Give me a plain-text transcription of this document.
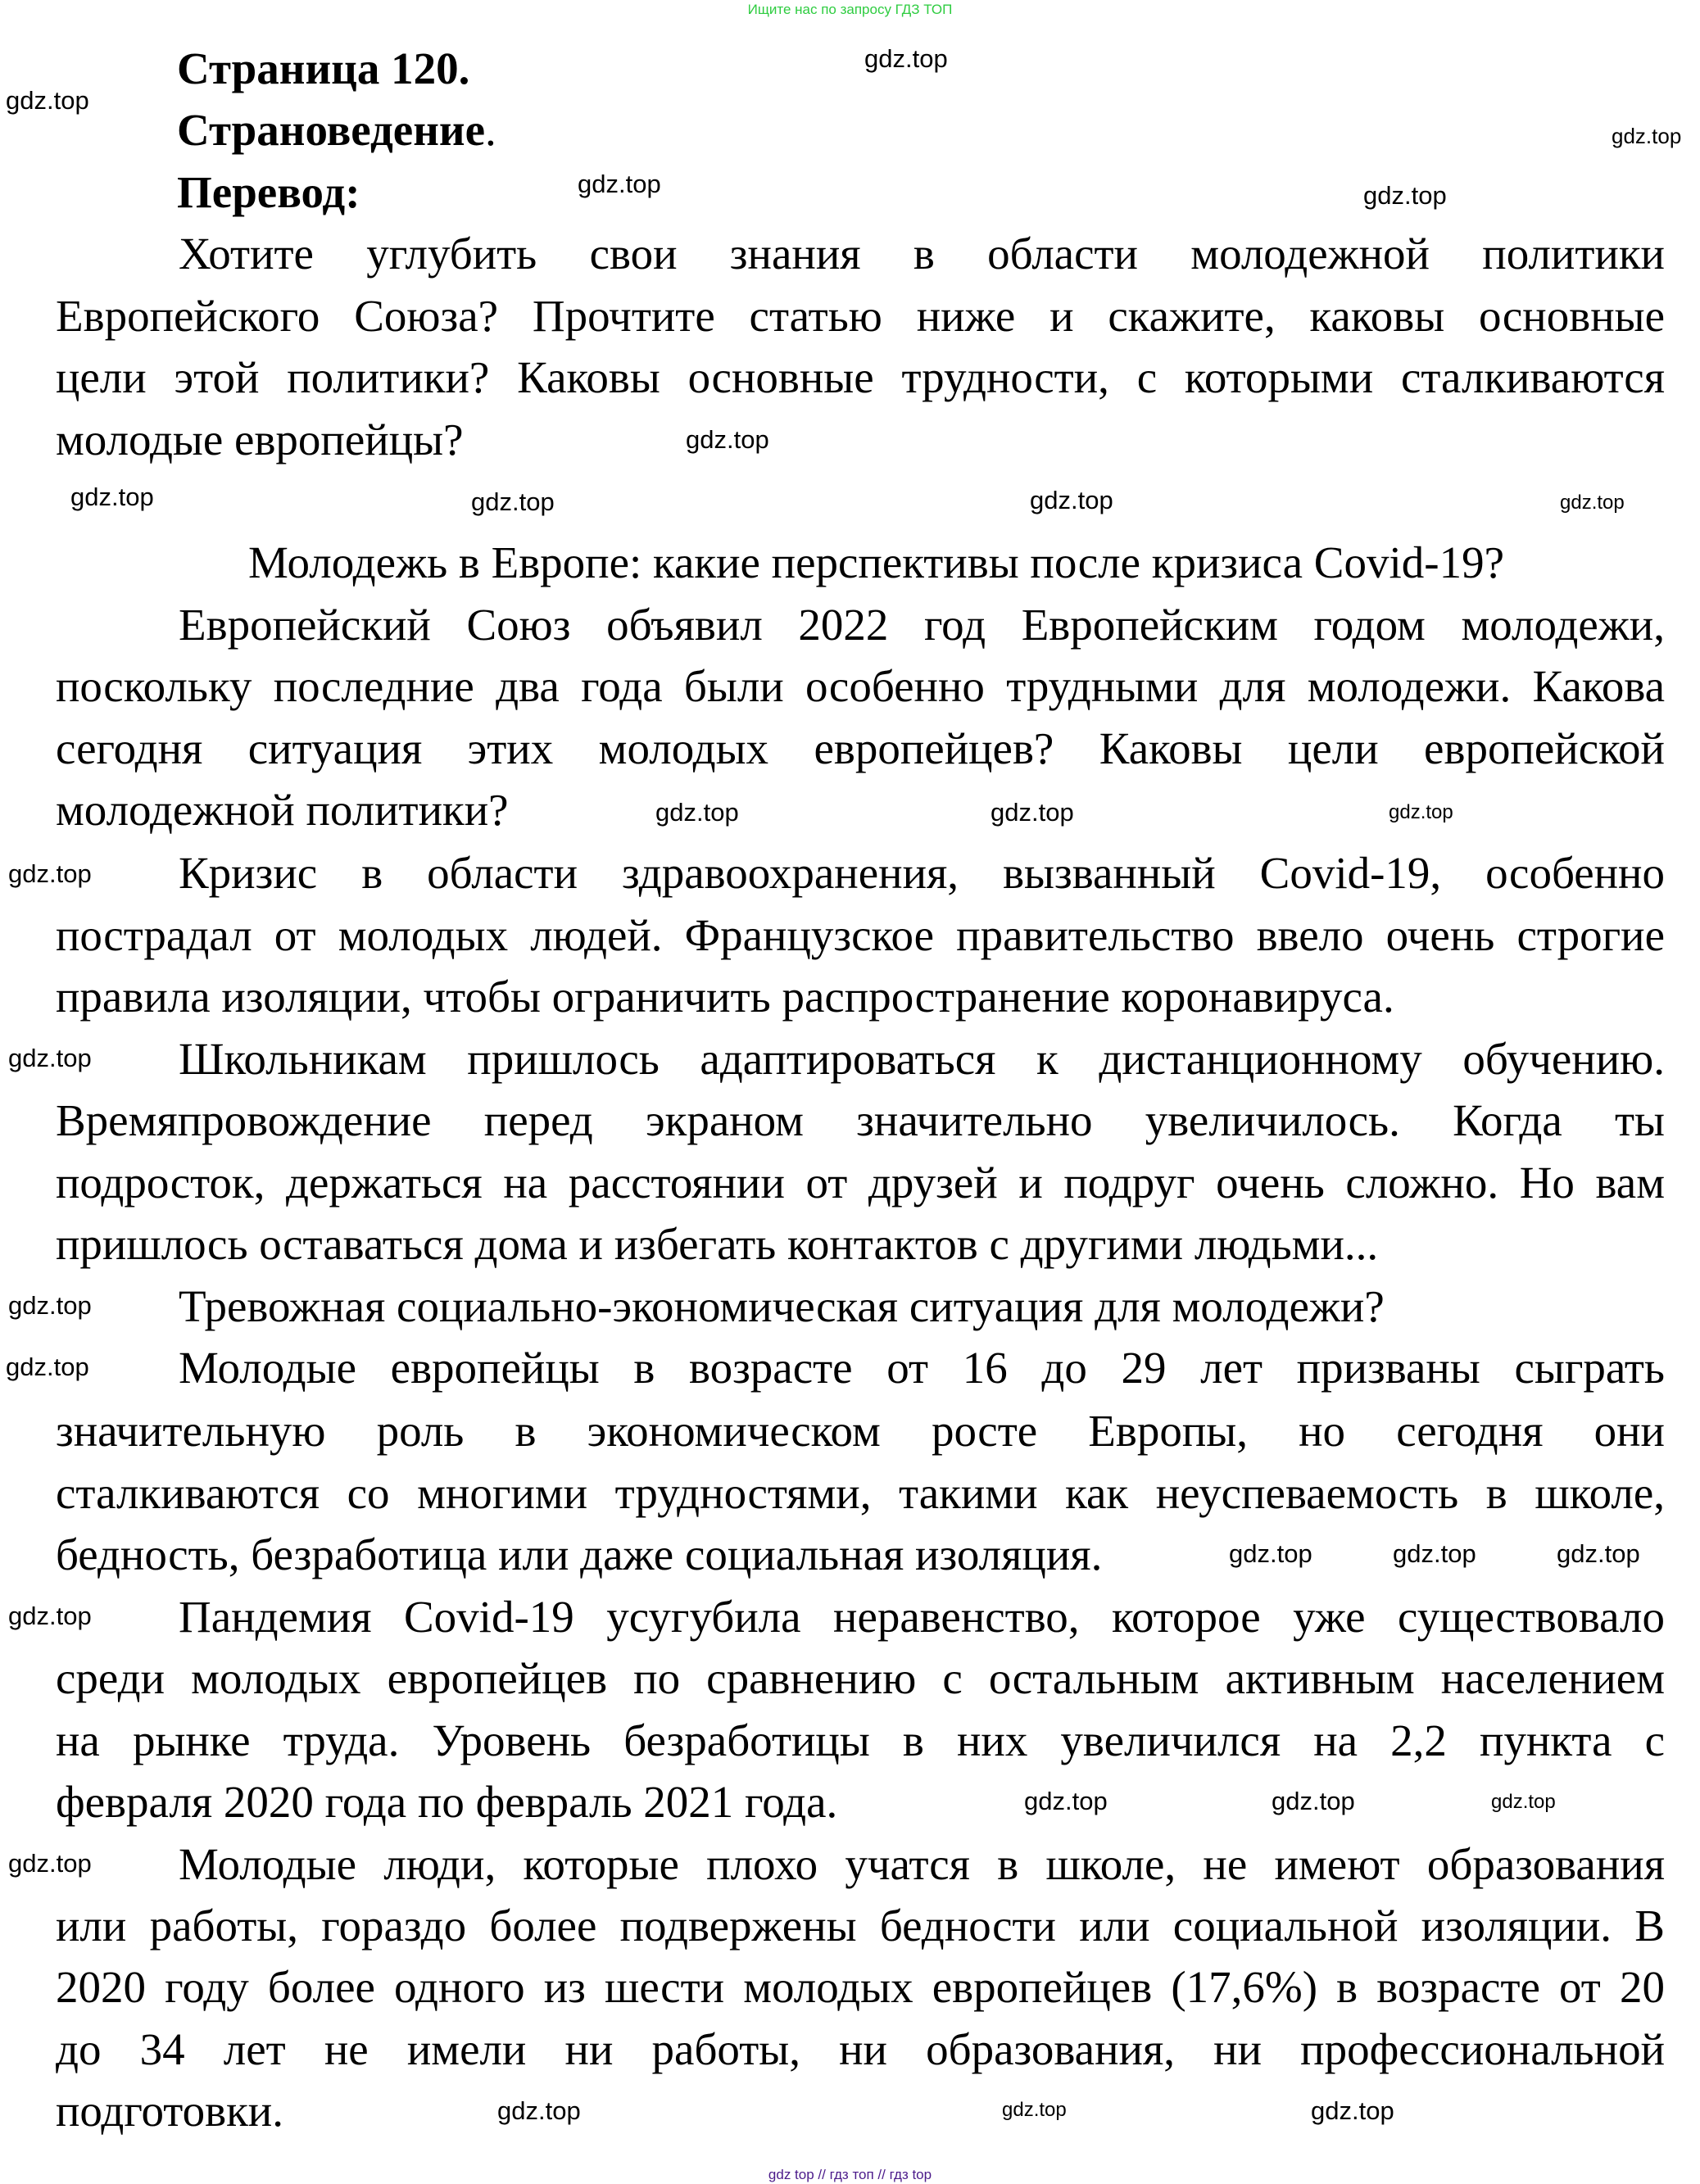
Ищите нас по запросу ГДЗ ТОП
Страница 120.
Страноведение.
Перевод:
Хотите углубить свои знания в области молодежной политики
Европейского Союза? Прочтите статью ниже и скажите, каковы основные
цели этой политики? Каковы основные трудности, с которыми сталкиваются
молодые европейцы?
Молодежь в Европе: какие перспективы после кризиса Covid-19?
Европейский Союз объявил 2022 год Европейским годом молодежи,
поскольку последние два года были особенно трудными для молодежи. Какова
сегодня ситуация этих молодых европейцев? Каковы цели европейской
молодежной политики?
Кризис в области здравоохранения, вызванный Covid-19, особенно
пострадал от молодых людей. Французское правительство ввело очень строгие
правила изоляции, чтобы ограничить распространение коронавируса.
Школьникам пришлось адаптироваться к дистанционному обучению.
Времяпровождение перед экраном значительно увеличилось. Когда ты
подросток, держаться на расстоянии от друзей и подруг очень сложно. Но вам
пришлось оставаться дома и избегать контактов с другими людьми...
Тревожная социально-экономическая ситуация для молодежи?
Молодые европейцы в возрасте от 16 до 29 лет призваны сыграть
значительную роль в экономическом росте Европы, но сегодня они
сталкиваются со многими трудностями, такими как неуспеваемость в школе,
бедность, безработица или даже социальная изоляция.
Пандемия Covid-19 усугубила неравенство, которое уже существовало
среди молодых европейцев по сравнению с остальным активным населением
на рынке труда. Уровень безработицы в них увеличился на 2,2 пункта с
февраля 2020 года по февраль 2021 года.
Молодые люди, которые плохо учатся в школе, не имеют образования
или работы, гораздо более подвержены бедности или социальной изоляции. В
2020 году более одного из шести молодых европейцев (17,6%) в возрасте от 20
до 34 лет не имели ни работы, ни образования, ни профессиональной
подготовки.
gdz.top
gdz.top
gdz.top
gdz.top	gdz.top
gdz.top
gdz.top
gdz.top	gdz.top	gdz.top
gdz.top
gdz.top
gdz.top
gdz.top
gdz.top
gdz.top	gdz.top
gdz.top
gdz.top
gdz.top
gdz.top
gdz.top
gdz.top
gdz.top
gdz.top
gdz.top
gdz.top	gdz.top
gdz top // гдз топ // гдз top
